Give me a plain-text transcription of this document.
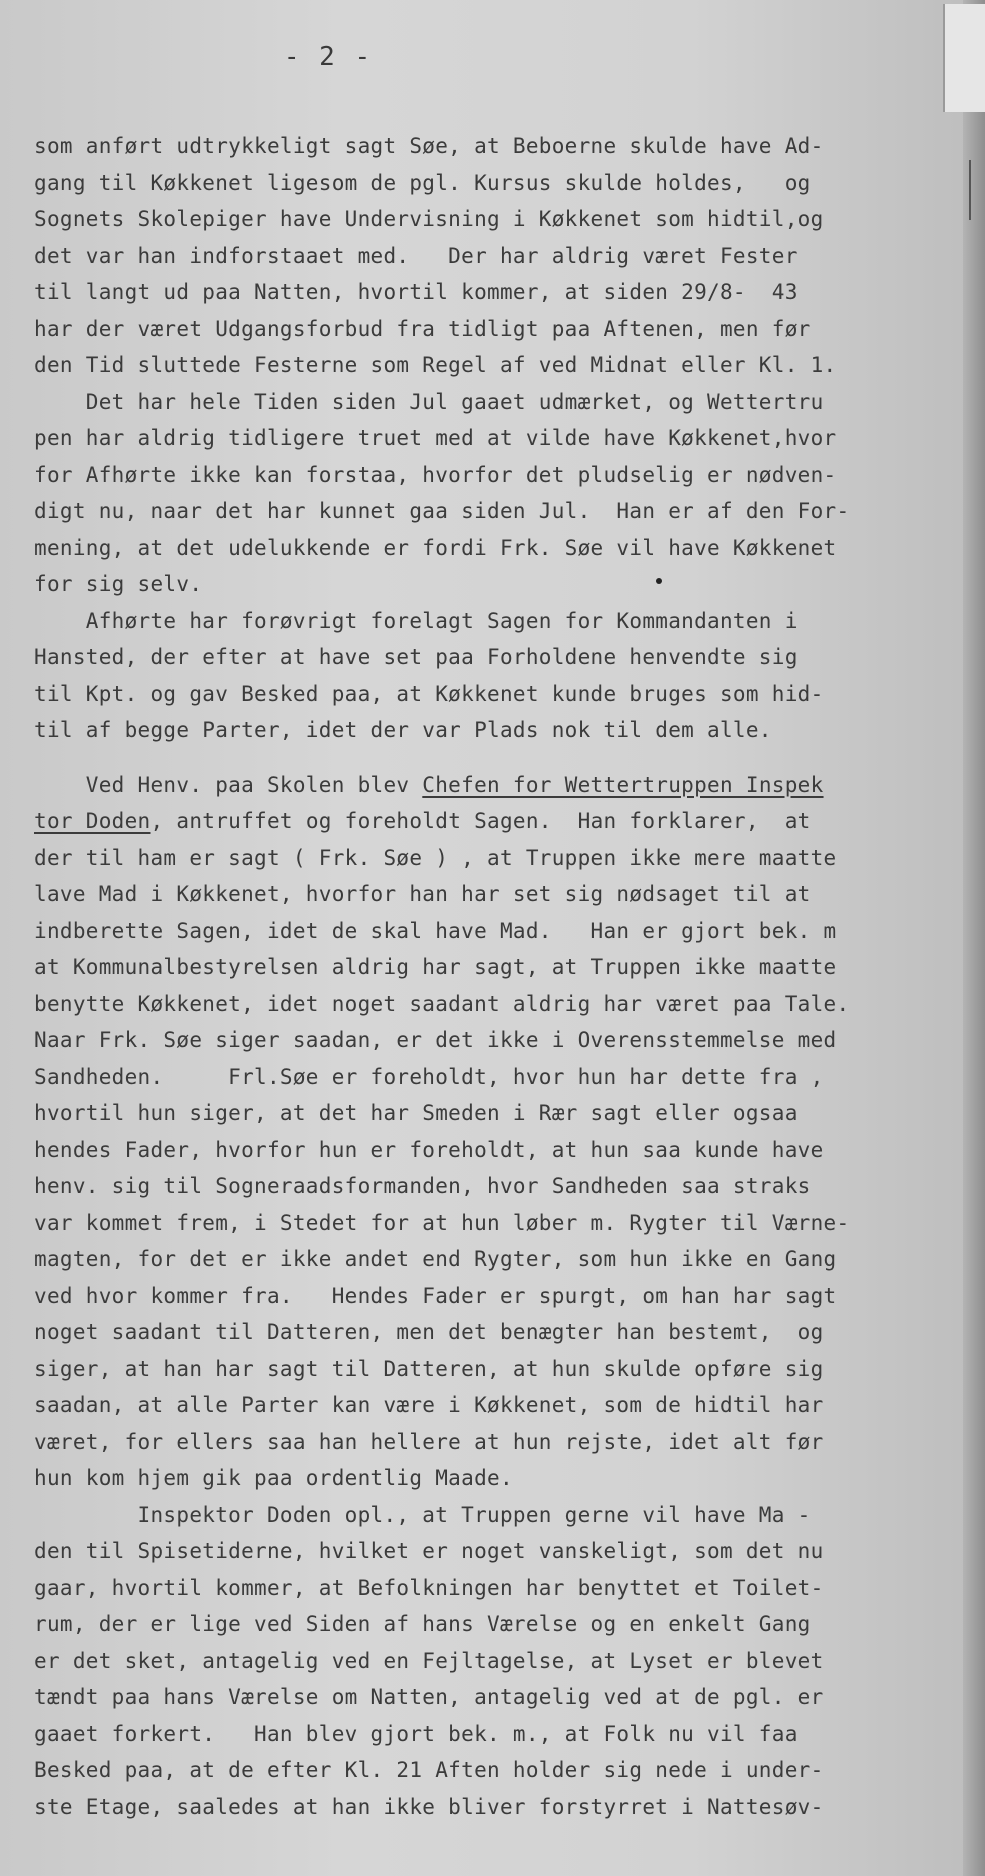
- 2 -
som anført udtrykkeligt sagt Søe, at Beboerne skulde have Ad-
gang til Køkkenet ligesom de pgl. Kursus skulde holdes,   og
Sognets Skolepiger have Undervisning i Køkkenet som hidtil,og
det var han indforstaaet med.   Der har aldrig været Fester
til langt ud paa Natten, hvortil kommer, at siden 29/8-  43
har der været Udgangsforbud fra tidligt paa Aftenen, men før
den Tid sluttede Festerne som Regel af ved Midnat eller Kl. 1.
Det har hele Tiden siden Jul gaaet udmærket, og Wettertru
pen har aldrig tidligere truet med at vilde have Køkkenet,hvor
for Afhørte ikke kan forstaa, hvorfor det pludselig er nødven-
digt nu, naar det har kunnet gaa siden Jul.  Han er af den For-
mening, at det udelukkende er fordi Frk. Søe vil have Køkkenet
for sig selv.
Afhørte har forøvrigt forelagt Sagen for Kommandanten i
Hansted, der efter at have set paa Forholdene henvendte sig
til Kpt. og gav Besked paa, at Køkkenet kunde bruges som hid-
til af begge Parter, idet der var Plads nok til dem alle.
Ved Henv. paa Skolen blev Chefen for Wettertruppen Inspek
tor Doden, antruffet og foreholdt Sagen.  Han forklarer,  at
der til ham er sagt ( Frk. Søe ) , at Truppen ikke mere maatte
lave Mad i Køkkenet, hvorfor han har set sig nødsaget til at
indberette Sagen, idet de skal have Mad.   Han er gjort bek. m
at Kommunalbestyrelsen aldrig har sagt, at Truppen ikke maatte
benytte Køkkenet, idet noget saadant aldrig har været paa Tale.
Naar Frk. Søe siger saadan, er det ikke i Overensstemmelse med
Sandheden.     Frl.Søe er foreholdt, hvor hun har dette fra ,
hvortil hun siger, at det har Smeden i Rær sagt eller ogsaa
hendes Fader, hvorfor hun er foreholdt, at hun saa kunde have
henv. sig til Sogneraadsformanden, hvor Sandheden saa straks
var kommet frem, i Stedet for at hun løber m. Rygter til Værne-
magten, for det er ikke andet end Rygter, som hun ikke en Gang
ved hvor kommer fra.   Hendes Fader er spurgt, om han har sagt
noget saadant til Datteren, men det benægter han bestemt,  og
siger, at han har sagt til Datteren, at hun skulde opføre sig
saadan, at alle Parter kan være i Køkkenet, som de hidtil har
været, for ellers saa han hellere at hun rejste, idet alt før
hun kom hjem gik paa ordentlig Maade.
Inspektor Doden opl., at Truppen gerne vil have Ma -
den til Spisetiderne, hvilket er noget vanskeligt, som det nu
gaar, hvortil kommer, at Befolkningen har benyttet et Toilet-
rum, der er lige ved Siden af hans Værelse og en enkelt Gang
er det sket, antagelig ved en Fejltagelse, at Lyset er blevet
tændt paa hans Værelse om Natten, antagelig ved at de pgl. er
gaaet forkert.   Han blev gjort bek. m., at Folk nu vil faa
Besked paa, at de efter Kl. 21 Aften holder sig nede i under-
ste Etage, saaledes at han ikke bliver forstyrret i Nattesøv-
